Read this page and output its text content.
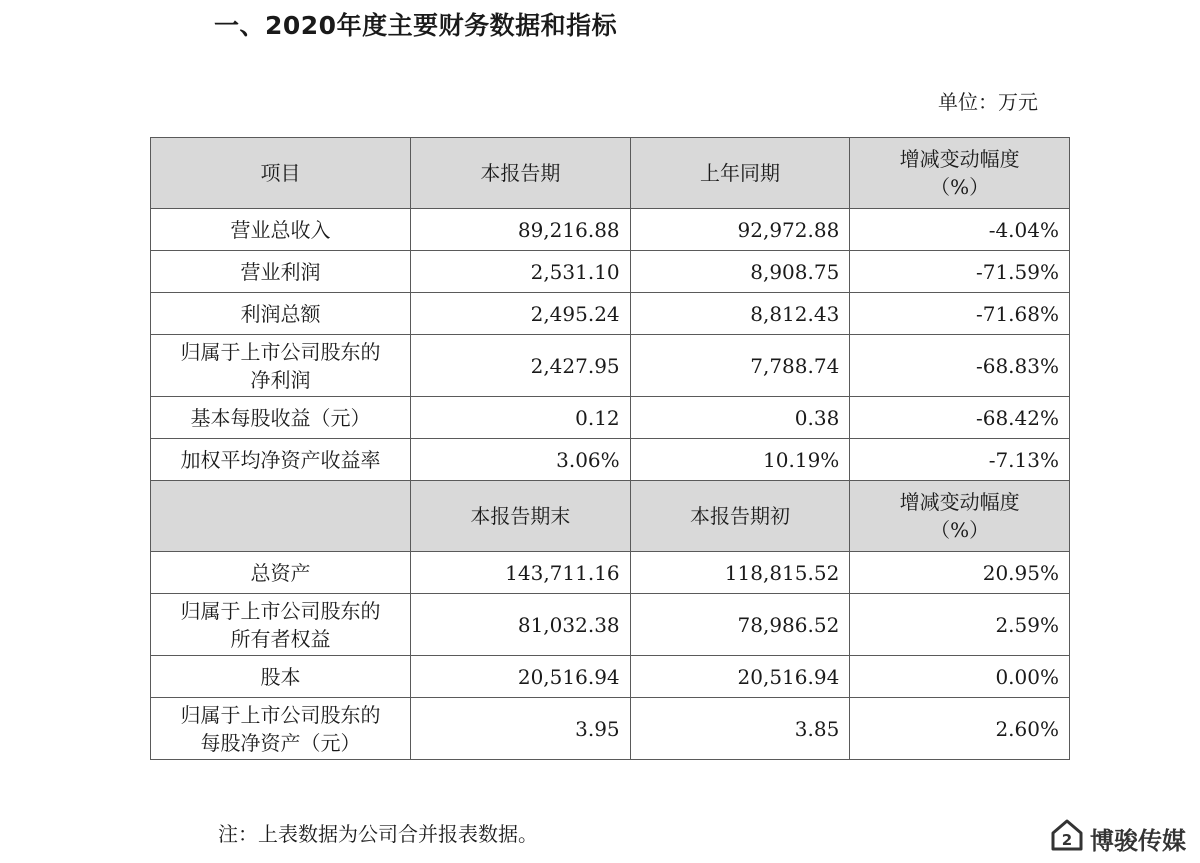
一、2020年度主要财务数据和指标
单位：万元
项目	本报告期	上年同期	增减变动幅度
（%）

营业总收入	89,216.88	92,972.88	-4.04%
营业利润	2,531.10	8,908.75	-71.59%
利润总额	2,495.24	8,812.43	-71.68%

归属于上市公司股东的
净利润	2,427.95	7,788.74	-68.83%
基本每股收益（元）	0.12	0.38	-68.42%
加权平均净资产收益率	3.06%	10.19%	-7.13%
	本报告期末	本报告期初	增减变动幅度
（%）

总资产	143,711.16	118,815.52	20.95%

归属于上市公司股东的
所有者权益	81,032.38	78,986.52	2.59%
股本	20,516.94	20,516.94	0.00%

归属于上市公司股东的
每股净资产（元）	3.95	3.85	2.60%
注：上表数据为公司合并报表数据。	2 博骏传媒
